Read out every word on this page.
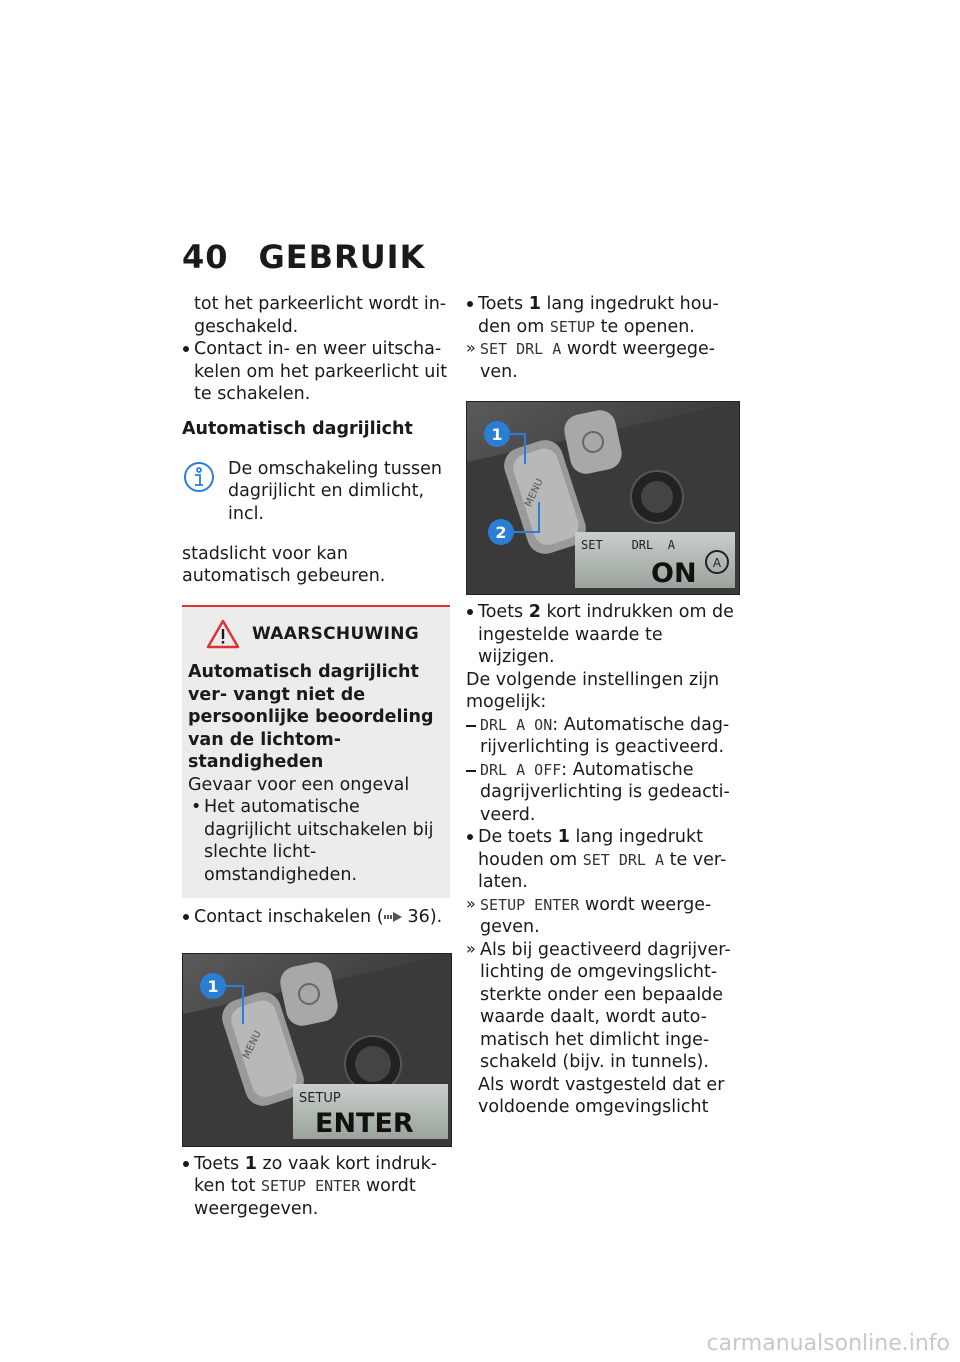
40 GEBRUIK

tot het parkeerlicht wordt in- geschakeld.

Contact in- en weer uitscha- kelen om het parkeerlicht uit te schakelen.

Automatisch dagrijlicht

De omschakeling tussen dagrijlicht en dimlicht, incl.

stadslicht voor kan automatisch gebeuren.

WAARSCHUWING

Automatisch dagrijlicht ver- vangt niet de persoonlijke beoordeling van de lichtom- standigheden

Gevaar voor een ongeval

• Het automatische dagrijlicht uitschakelen bij slechte licht- omstandigheden.

Contact inschakelen ( 36).

MENU
SETUP
ENTER
1

Toets 1 zo vaak kort indruk- ken tot SETUP ENTER wordt weergegeven.

Toets 1 lang ingedrukt hou- den om SETUP te openen.

» SET DRL A wordt weergege- ven.

MENU
SET    DRL  A
ON A
1
2

Toets 2 kort indrukken om de ingestelde waarde te wijzigen.

De volgende instellingen zijn mogelijk:

DRL A ON: Automatische dag- rijverlichting is geactiveerd.

DRL A OFF: Automatische dagrijverlichting is gedeacti- veerd.

De toets 1 lang ingedrukt houden om SET DRL A te ver- laten.

» SETUP ENTER wordt weerge- geven.

» Als bij geactiveerd dagrijver- lichting de omgevingslicht- sterkte onder een bepaalde waarde daalt, wordt auto- matisch het dimlicht inge- schakeld (bijv. in tunnels).

Als wordt vastgesteld dat er voldoende omgevingslicht

carmanualsonline.info
